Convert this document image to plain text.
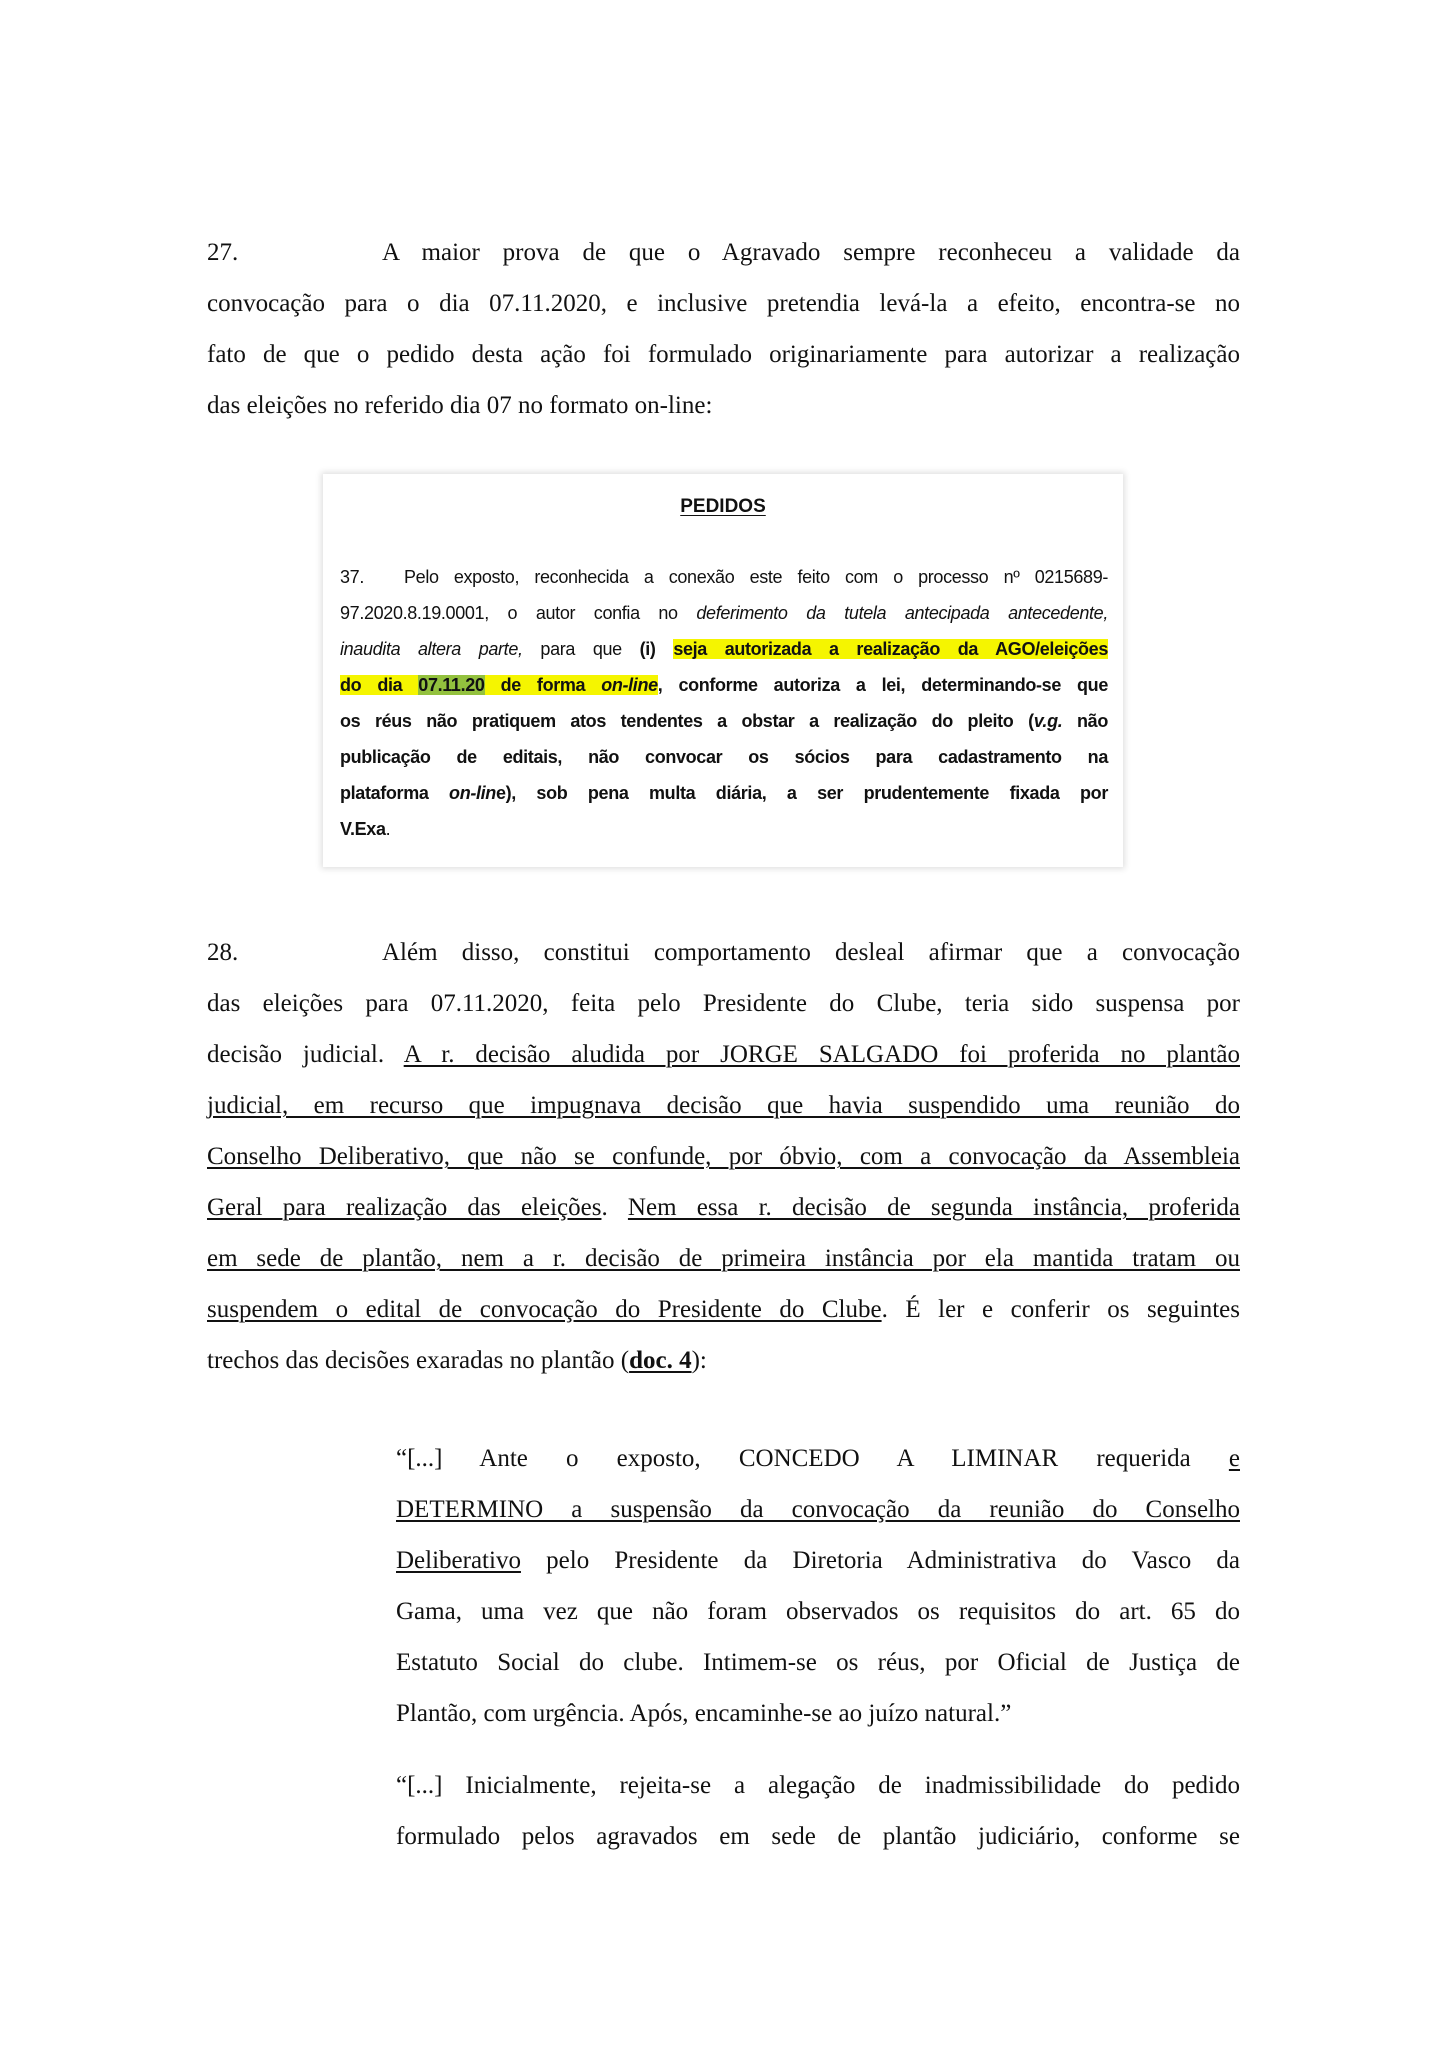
27.	A maior prova de que o Agravado sempre reconheceu a validade da
convocação para o dia 07.11.2020, e inclusive pretendia levá-la a efeito, encontra-se no
fato de que o pedido desta ação foi formulado originariamente para autorizar a realização
das eleições no referido dia 07 no formato on-line:
PEDIDOS
37. Pelo exposto, reconhecida a conexão este feito com o processo nº 0215689-
97.2020.8.19.0001, o autor confia no deferimento da tutela antecipada antecedente,
inaudita altera parte, para que (i) seja autorizada a realização da AGO/eleições
do dia 07.11.20 de forma on-line, conforme autoriza a lei, determinando-se que
os réus não pratiquem atos tendentes a obstar a realização do pleito (v.g. não
publicação de editais, não convocar os sócios para cadastramento na
plataforma on-line), sob pena multa diária, a ser prudentemente fixada por
V.Exa.
28.	Além disso, constitui comportamento desleal afirmar que a convocação
das eleições para 07.11.2020, feita pelo Presidente do Clube, teria sido suspensa por
decisão judicial. A r. decisão aludida por JORGE SALGADO foi proferida no plantão
judicial, em recurso que impugnava decisão que havia suspendido uma reunião do
Conselho Deliberativo, que não se confunde, por óbvio, com a convocação da Assembleia
Geral para realização das eleições. Nem essa r. decisão de segunda instância, proferida
em sede de plantão, nem a r. decisão de primeira instância por ela mantida tratam ou
suspendem o edital de convocação do Presidente do Clube. É ler e conferir os seguintes
trechos das decisões exaradas no plantão (doc. 4):
“[...] Ante o exposto, CONCEDO A LIMINAR requerida e
DETERMINO a suspensão da convocação da reunião do Conselho
Deliberativo pelo Presidente da Diretoria Administrativa do Vasco da
Gama, uma vez que não foram observados os requisitos do art. 65 do
Estatuto Social do clube. Intimem-se os réus, por Oficial de Justiça de
Plantão, com urgência. Após, encaminhe-se ao juízo natural.”
“[...] Inicialmente, rejeita-se a alegação de inadmissibilidade do pedido
formulado pelos agravados em sede de plantão judiciário, conforme se
